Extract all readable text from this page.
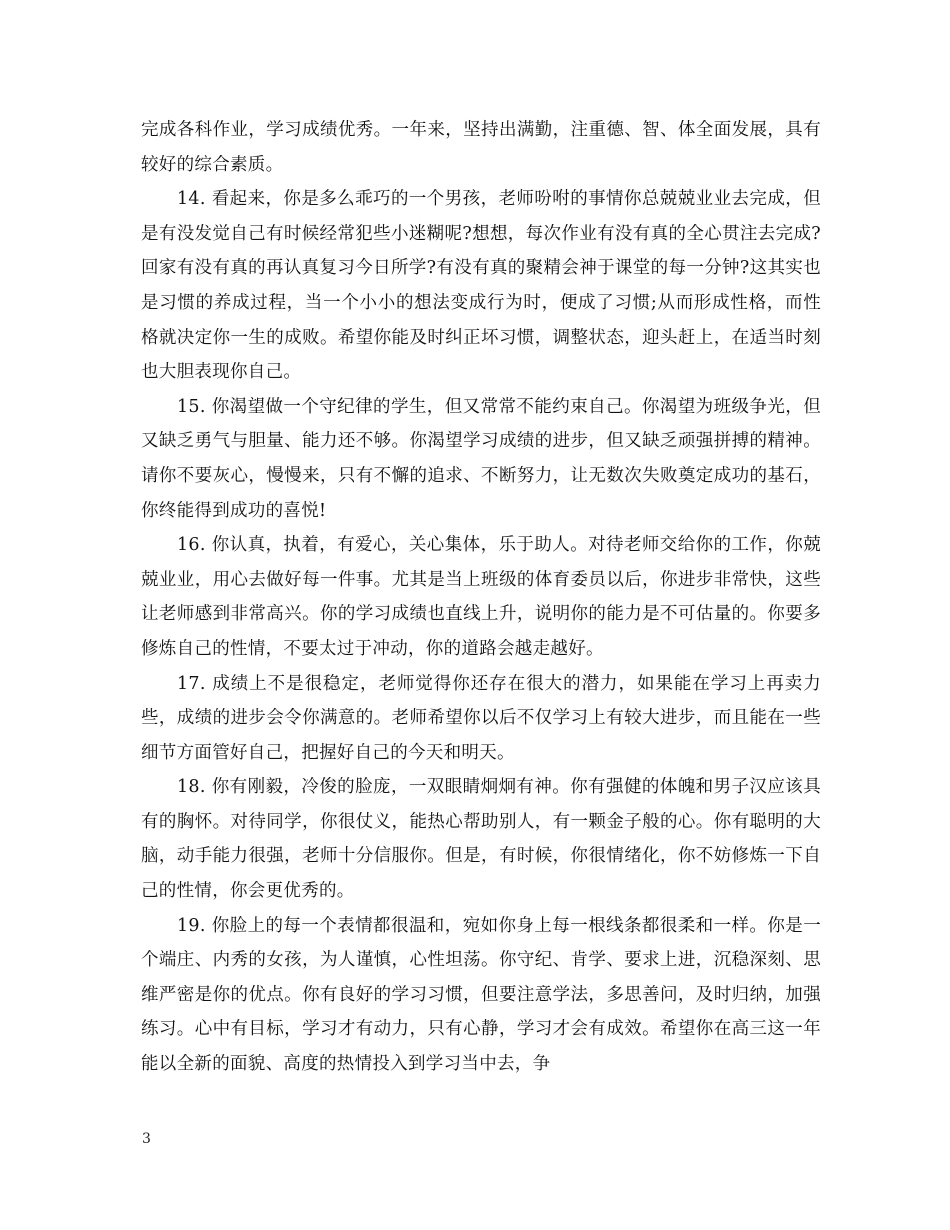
完成各科作业，学习成绩优秀。一年来，坚持出满勤，注重德、智、体全面发展，具有较好的综合素质。

14. 看起来，你是多么乖巧的一个男孩，老师吩咐的事情你总兢兢业业去完成，但是有没发觉自己有时候经常犯些小迷糊呢?想想，每次作业有没有真的全心贯注去完成?回家有没有真的再认真复习今日所学?有没有真的聚精会神于课堂的每一分钟?这其实也是习惯的养成过程，当一个小小的想法变成行为时，便成了习惯;从而形成性格，而性格就决定你一生的成败。希望你能及时纠正坏习惯，调整状态，迎头赶上，在适当时刻也大胆表现你自己。

15. 你渴望做一个守纪律的学生，但又常常不能约束自己。你渴望为班级争光，但又缺乏勇气与胆量、能力还不够。你渴望学习成绩的进步，但又缺乏顽强拼搏的精神。请你不要灰心，慢慢来，只有不懈的追求、不断努力，让无数次失败奠定成功的基石，你终能得到成功的喜悦!

16. 你认真，执着，有爱心，关心集体，乐于助人。对待老师交给你的工作，你兢兢业业，用心去做好每一件事。尤其是当上班级的体育委员以后，你进步非常快，这些让老师感到非常高兴。你的学习成绩也直线上升，说明你的能力是不可估量的。你要多修炼自己的性情，不要太过于冲动，你的道路会越走越好。

17. 成绩上不是很稳定，老师觉得你还存在很大的潜力，如果能在学习上再卖力些，成绩的进步会令你满意的。老师希望你以后不仅学习上有较大进步，而且能在一些细节方面管好自己，把握好自己的今天和明天。

18. 你有刚毅，冷俊的脸庞，一双眼睛炯炯有神。你有强健的体魄和男子汉应该具有的胸怀。对待同学，你很仗义，能热心帮助别人，有一颗金子般的心。你有聪明的大脑，动手能力很强，老师十分信服你。但是，有时候，你很情绪化，你不妨修炼一下自己的性情，你会更优秀的。

19. 你脸上的每一个表情都很温和，宛如你身上每一根线条都很柔和一样。你是一个端庄、内秀的女孩，为人谨慎，心性坦荡。你守纪、肯学、要求上进，沉稳深刻、思维严密是你的优点。你有良好的学习习惯，但要注意学法，多思善问，及时归纳，加强练习。心中有目标，学习才有动力，只有心静，学习才会有成效。希望你在高三这一年能以全新的面貌、高度的热情投入到学习当中去，争

3
